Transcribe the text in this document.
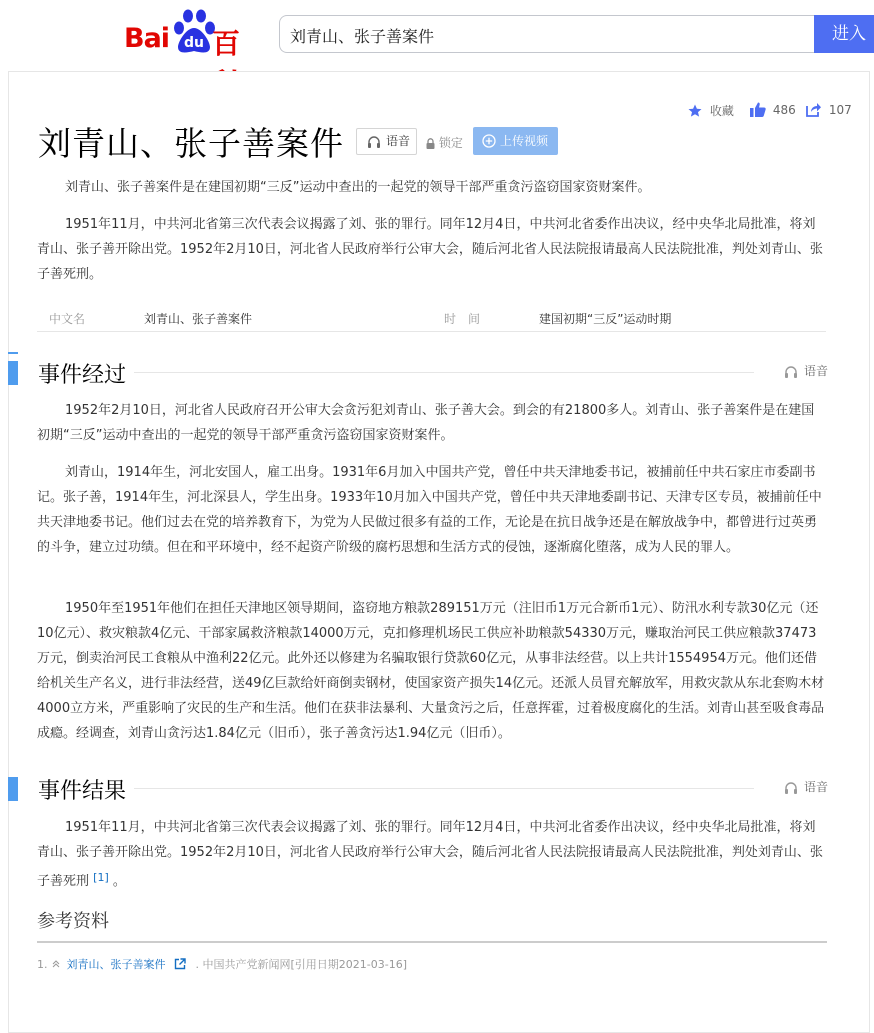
Bai	du 百
刘青山、张子善案件	进入
收藏	486	107
刘青山、张子善案件	语音	锁定	上传视频

刘青山、张子善案件是在建国初期“三反”运动中查出的一起党的领导干部严重贪污盗窃国家资财案件。

1951年11月，中共河北省第三次代表会议揭露了刘、张的罪行。同年12月4日，中共河北省委作出决议，经中央华北局批准，将刘青山、张子善开除出党。1952年2月10日，河北省人民政府举行公审大会，随后河北省人民法院报请最高人民法院批准，判处刘青山、张子善死刑。

中文名	刘青山、张子善案件	时　间	建国初期“三反”运动时期
事件经过	语音

1952年2月10日，河北省人民政府召开公审大会贪污犯刘青山、张子善大会。到会的有21800多人。刘青山、张子善案件是在建国初期“三反”运动中查出的一起党的领导干部严重贪污盗窃国家资财案件。

刘青山，1914年生，河北安国人，雇工出身。1931年6月加入中国共产党，曾任中共天津地委书记，被捕前任中共石家庄市委副书记。张子善，1914年生，河北深县人，学生出身。1933年10月加入中国共产党，曾任中共天津地委副书记、天津专区专员，被捕前任中共天津地委书记。他们过去在党的培养教育下，为党为人民做过很多有益的工作，无论是在抗日战争还是在解放战争中，都曾进行过英勇的斗争，建立过功绩。但在和平环境中，经不起资产阶级的腐朽思想和生活方式的侵蚀，逐渐腐化堕落，成为人民的罪人。

1950年至1951年他们在担任天津地区领导期间，盗窃地方粮款289151万元（注旧币1万元合新币1元）、防汛水利专款30亿元（还10亿元）、救灾粮款4亿元、干部家属救济粮款14000万元，克扣修理机场民工供应补助粮款54330万元，赚取治河民工供应粮款37473万元，倒卖治河民工食粮从中渔利22亿元。此外还以修建为名骗取银行贷款60亿元，从事非法经营。以上共计1554954万元。他们还借给机关生产名义，进行非法经营，送49亿巨款给奸商倒卖钢材，使国家资产损失14亿元。还派人员冒充解放军，用救灾款从东北套购木材4000立方米，严重影响了灾民的生产和生活。他们在获非法暴利、大量贪污之后，任意挥霍，过着极度腐化的生活。刘青山甚至吸食毒品成瘾。经调查，刘青山贪污达1.84亿元（旧币），张子善贪污达1.94亿元（旧币）。

事件结果	语音

1951年11月，中共河北省第三次代表会议揭露了刘、张的罪行。同年12月4日，中共河北省委作出决议，经中央华北局批准，将刘青山、张子善开除出党。1952年2月10日，河北省人民政府举行公审大会，随后河北省人民法院报请最高人民法院批准，判处刘青山、张子善死刑 [1] 。

参考资料
1. 刘青山、张子善案件	. 中国共产党新闻网[引用日期2021-03-16]
